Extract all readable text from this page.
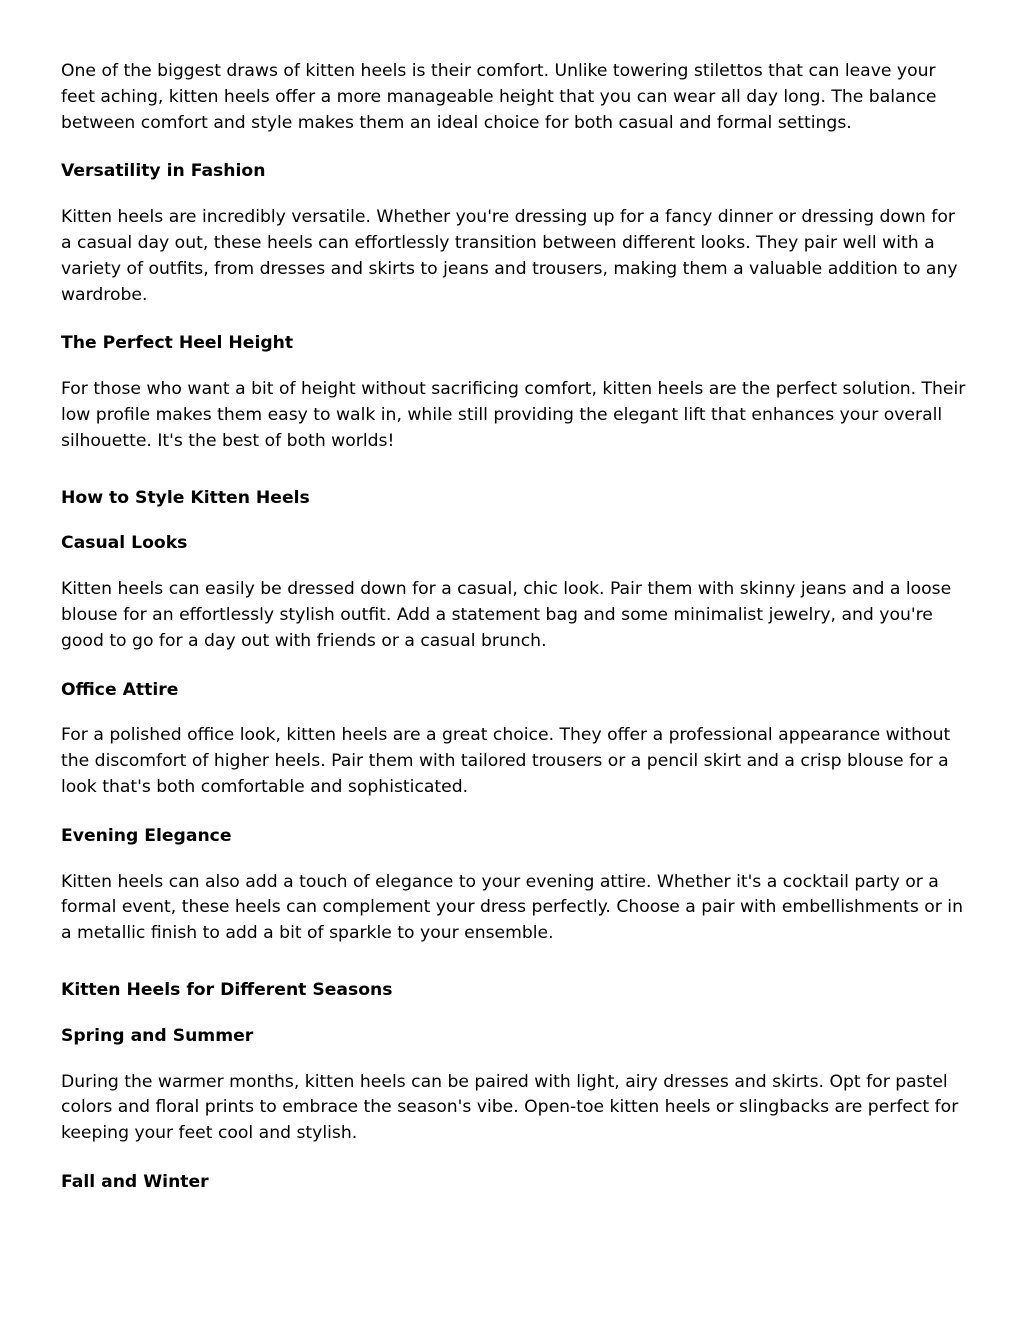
One of the biggest draws of kitten heels is their comfort. Unlike towering stilettos that can leave your feet aching, kitten heels offer a more manageable height that you can wear all day long. The balance between comfort and style makes them an ideal choice for both casual and formal settings.

Versatility in Fashion

Kitten heels are incredibly versatile. Whether you're dressing up for a fancy dinner or dressing down for a casual day out, these heels can effortlessly transition between different looks. They pair well with a variety of outfits, from dresses and skirts to jeans and trousers, making them a valuable addition to any wardrobe.

The Perfect Heel Height

For those who want a bit of height without sacrificing comfort, kitten heels are the perfect solution. Their low profile makes them easy to walk in, while still providing the elegant lift that enhances your overall silhouette. It's the best of both worlds!

How to Style Kitten Heels
Casual Looks

Kitten heels can easily be dressed down for a casual, chic look. Pair them with skinny jeans and a loose blouse for an effortlessly stylish outfit. Add a statement bag and some minimalist jewelry, and you're good to go for a day out with friends or a casual brunch.

Office Attire

For a polished office look, kitten heels are a great choice. They offer a professional appearance without the discomfort of higher heels. Pair them with tailored trousers or a pencil skirt and a crisp blouse for a look that's both comfortable and sophisticated.

Evening Elegance

Kitten heels can also add a touch of elegance to your evening attire. Whether it's a cocktail party or a formal event, these heels can complement your dress perfectly. Choose a pair with embellishments or in a metallic finish to add a bit of sparkle to your ensemble.

Kitten Heels for Different Seasons
Spring and Summer

During the warmer months, kitten heels can be paired with light, airy dresses and skirts. Opt for pastel colors and floral prints to embrace the season's vibe. Open-toe kitten heels or slingbacks are perfect for keeping your feet cool and stylish.

Fall and Winter
